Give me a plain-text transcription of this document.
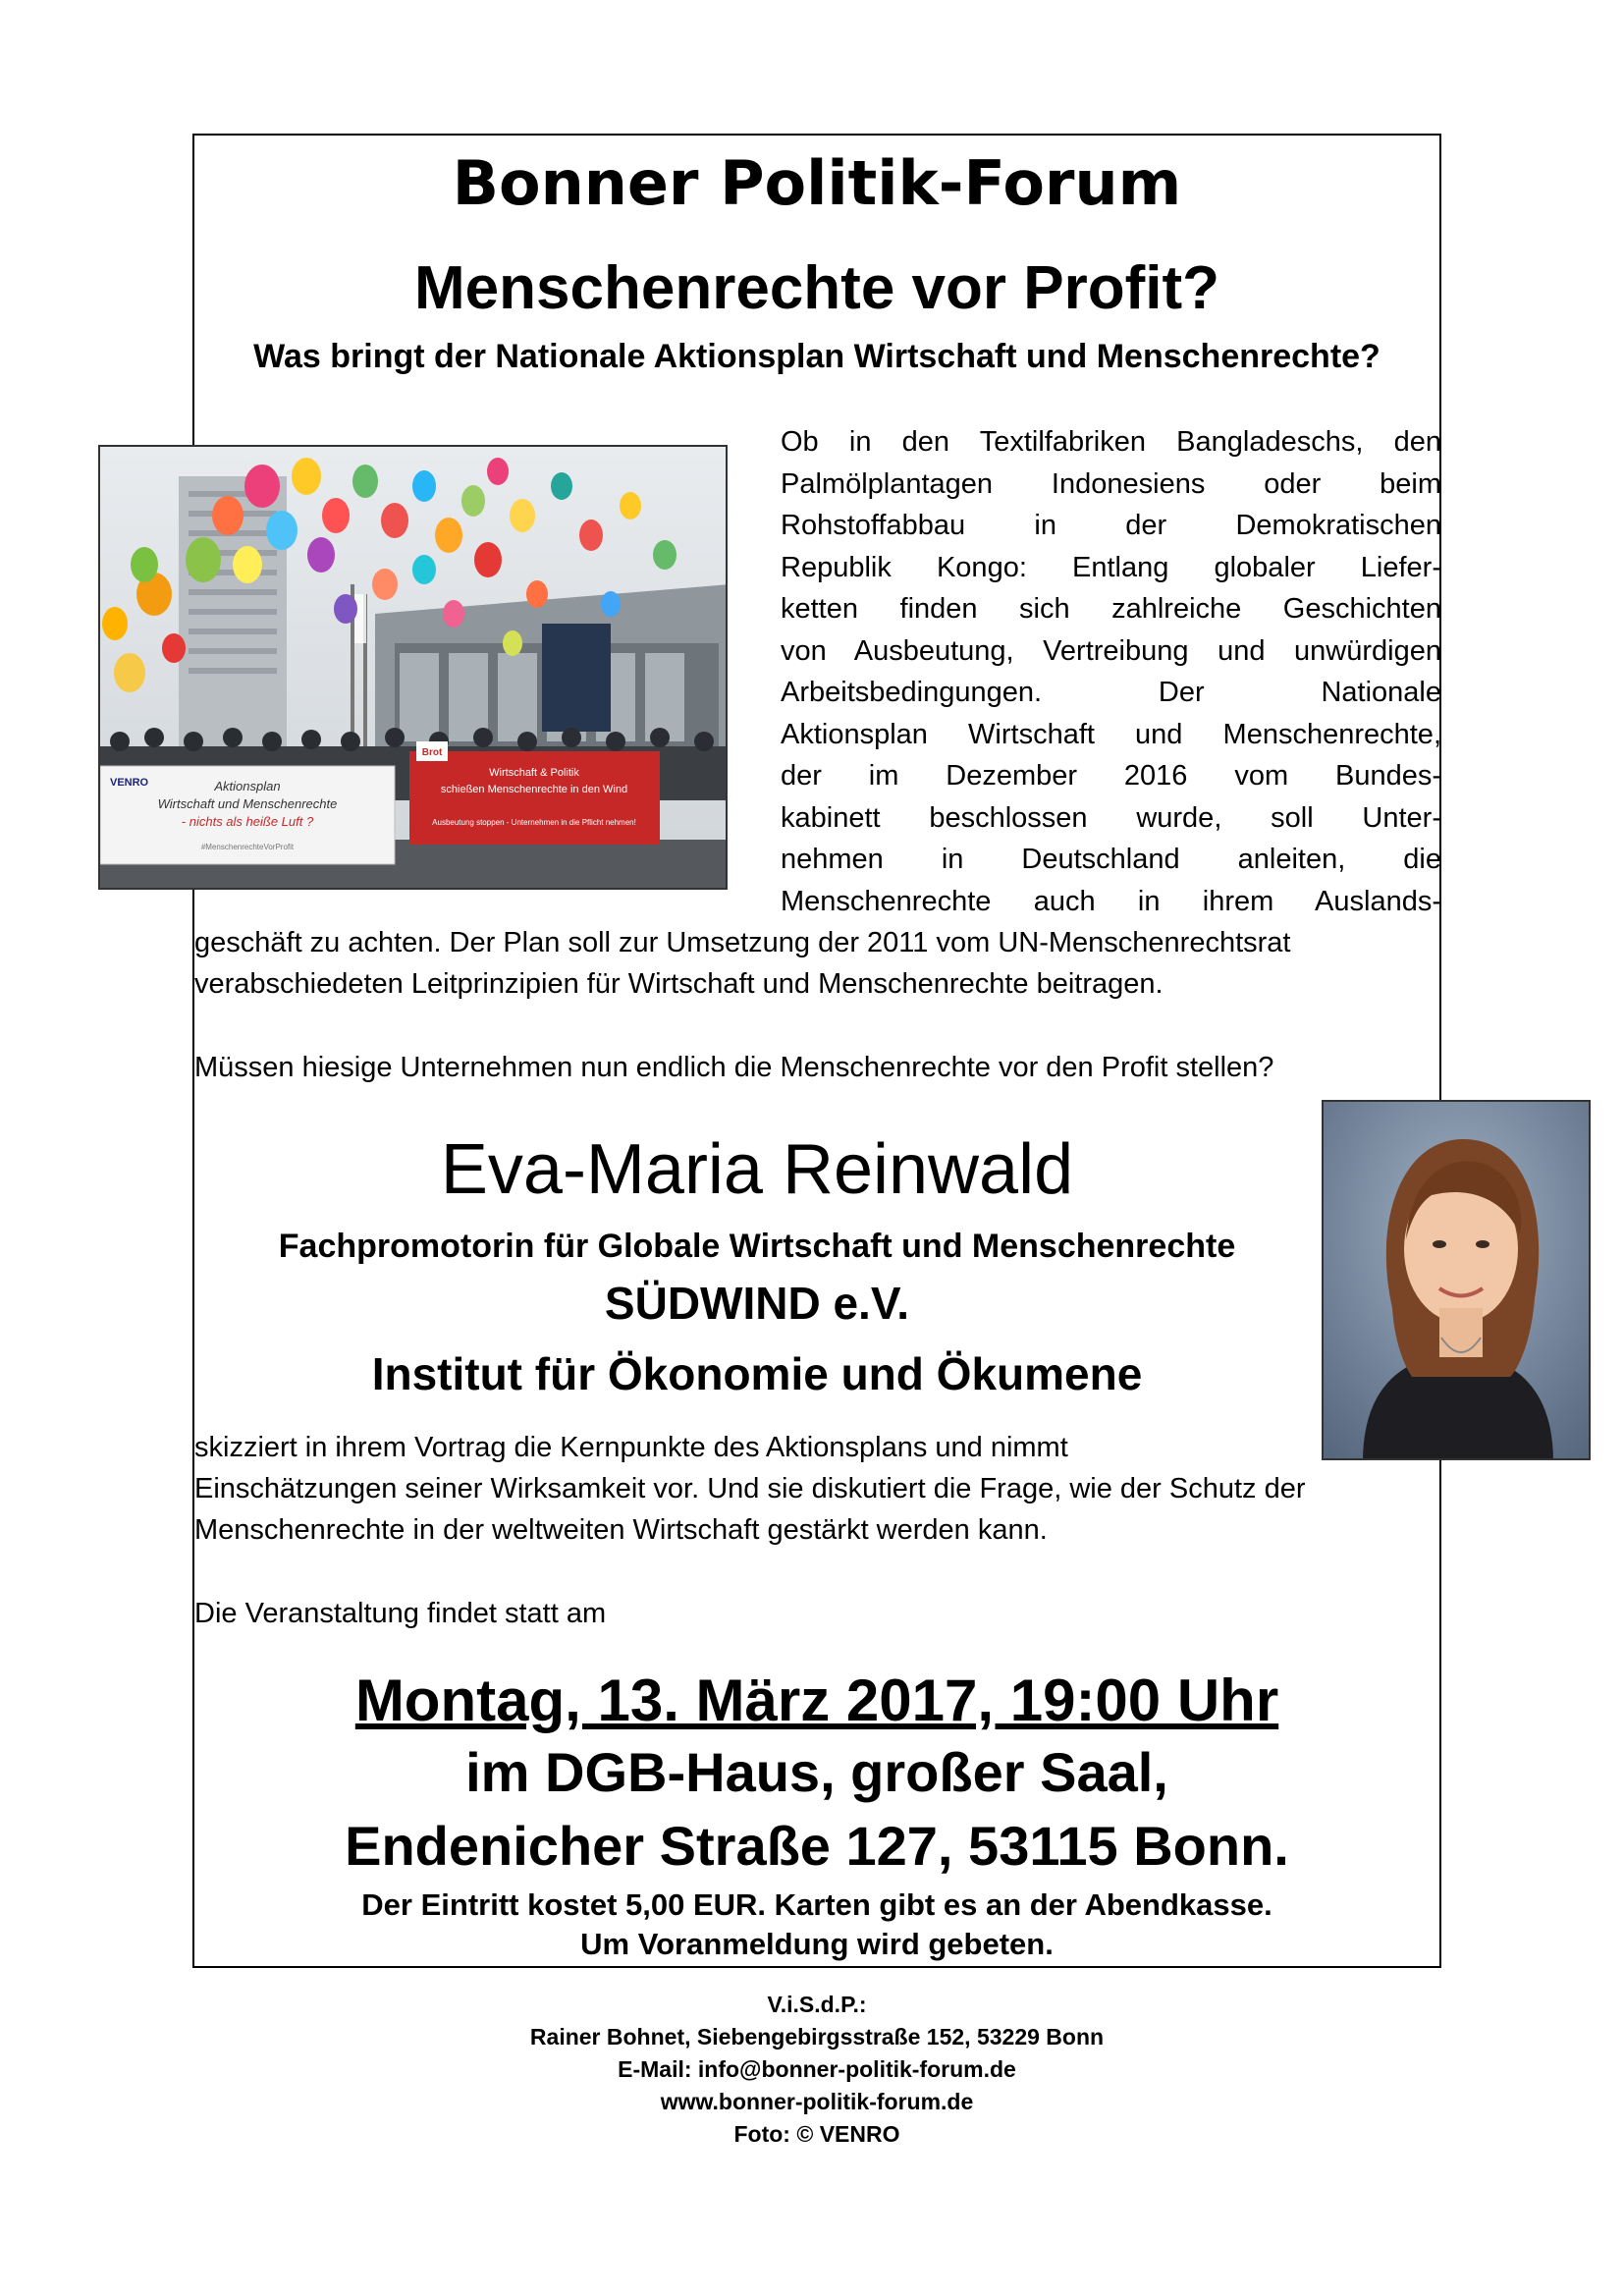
Bonner Politik-Forum
Menschenrechte vor Profit?
Was bringt der Nationale Aktionsplan Wirtschaft und Menschenrechte?
VENRO	Aktionsplan
Wirtschaft und Menschenrechte
- nichts als heiße Luft ?
#MenschenrechteVorProfit
Brot
Wirtschaft & Politik
schießen Menschenrechte in den Wind
Ausbeutung stoppen - Unternehmen in die Pflicht nehmen!
Ob in den Textilfabriken Bangladeschs, den
Palmölplantagen Indonesiens oder beim
Rohstoffabbau in der Demokratischen
Republik Kongo: Entlang globaler Liefer-
ketten finden sich zahlreiche Geschichten
von Ausbeutung, Vertreibung und unwürdigen
Arbeitsbedingungen. Der Nationale
Aktionsplan Wirtschaft und Menschenrechte,
der im Dezember 2016 vom Bundes-
kabinett beschlossen wurde, soll Unter-
nehmen in Deutschland anleiten, die
Menschenrechte auch in ihrem Auslands-
geschäft zu achten. Der Plan soll zur Umsetzung der 2011 vom UN-Menschenrechtsrat
verabschiedeten Leitprinzipien für Wirtschaft und Menschenrechte beitragen.
Müssen hiesige Unternehmen nun endlich die Menschenrechte vor den Profit stellen?
Eva-Maria Reinwald
Fachpromotorin für Globale Wirtschaft und Menschenrechte
SÜDWIND e.V.
Institut für Ökonomie und Ökumene
skizziert in ihrem Vortrag die Kernpunkte des Aktionsplans und nimmt
Einschätzungen seiner Wirksamkeit vor. Und sie diskutiert die Frage, wie der Schutz der
Menschenrechte in der weltweiten Wirtschaft gestärkt werden kann.
Die Veranstaltung findet statt am
Montag, 13. März 2017, 19:00 Uhr
im DGB-Haus, großer Saal,
Endenicher Straße 127, 53115 Bonn.
Der Eintritt kostet 5,00 EUR. Karten gibt es an der Abendkasse.
Um Voranmeldung wird gebeten.
V.i.S.d.P.:
Rainer Bohnet, Siebengebirgsstraße 152, 53229 Bonn
E-Mail: info@bonner-politik-forum.de
www.bonner-politik-forum.de
Foto: © VENRO
